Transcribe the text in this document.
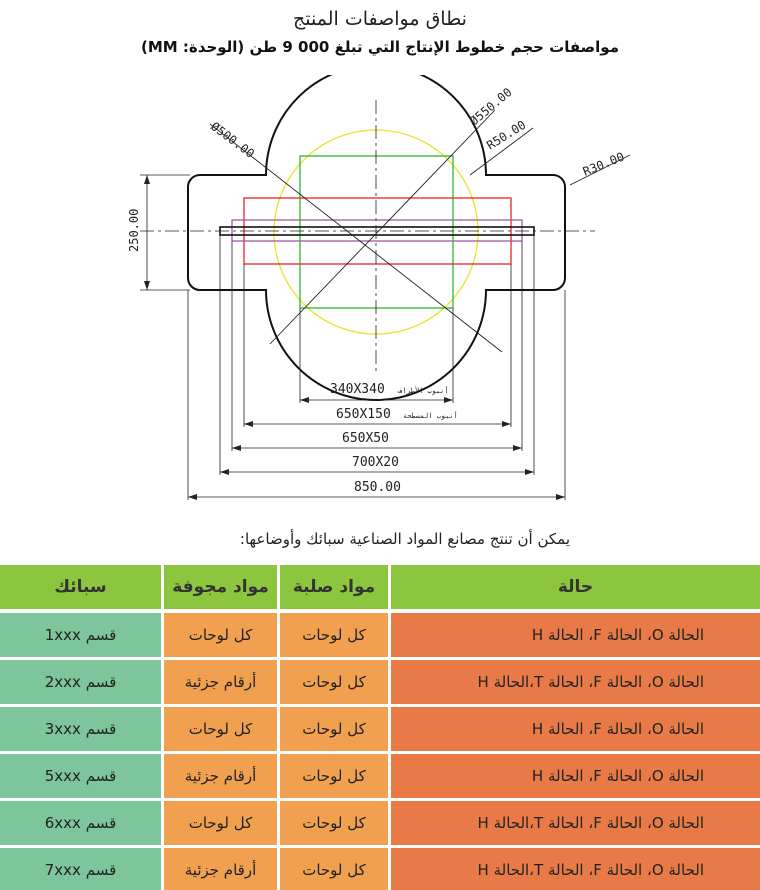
نطاق مواصفات المنتج
مواصفات حجم خطوط الإنتاج التي تبلغ 000 9 طن (الوحدة: MM)
Ø500.00
Ø550.00
R50.00
R30.00
250.00
340X340 أنبوب الأطراف
650X150 أنبوب المسطحة
650X50
700X20
850.00
يمكن أن تنتج مصانع المواد الصناعية سبائك وأوضاعها:
حالة
مواد صلبة
مواد مجوفة
سبائك
الحالة O، الحالة F، الحالة H
كل لوحات
كل لوحات
قسم 1xxx
الحالة O، الحالة F، الحالة T،الحالة H
كل لوحات
أرقام جزئية
قسم 2xxx
الحالة O، الحالة F، الحالة H
كل لوحات
كل لوحات
قسم 3xxx
الحالة O، الحالة F، الحالة H
كل لوحات
أرقام جزئية
قسم 5xxx
الحالة O، الحالة F، الحالة T،الحالة H
كل لوحات
كل لوحات
قسم 6xxx
الحالة O، الحالة F، الحالة T،الحالة H
كل لوحات
أرقام جزئية
قسم 7xxx
